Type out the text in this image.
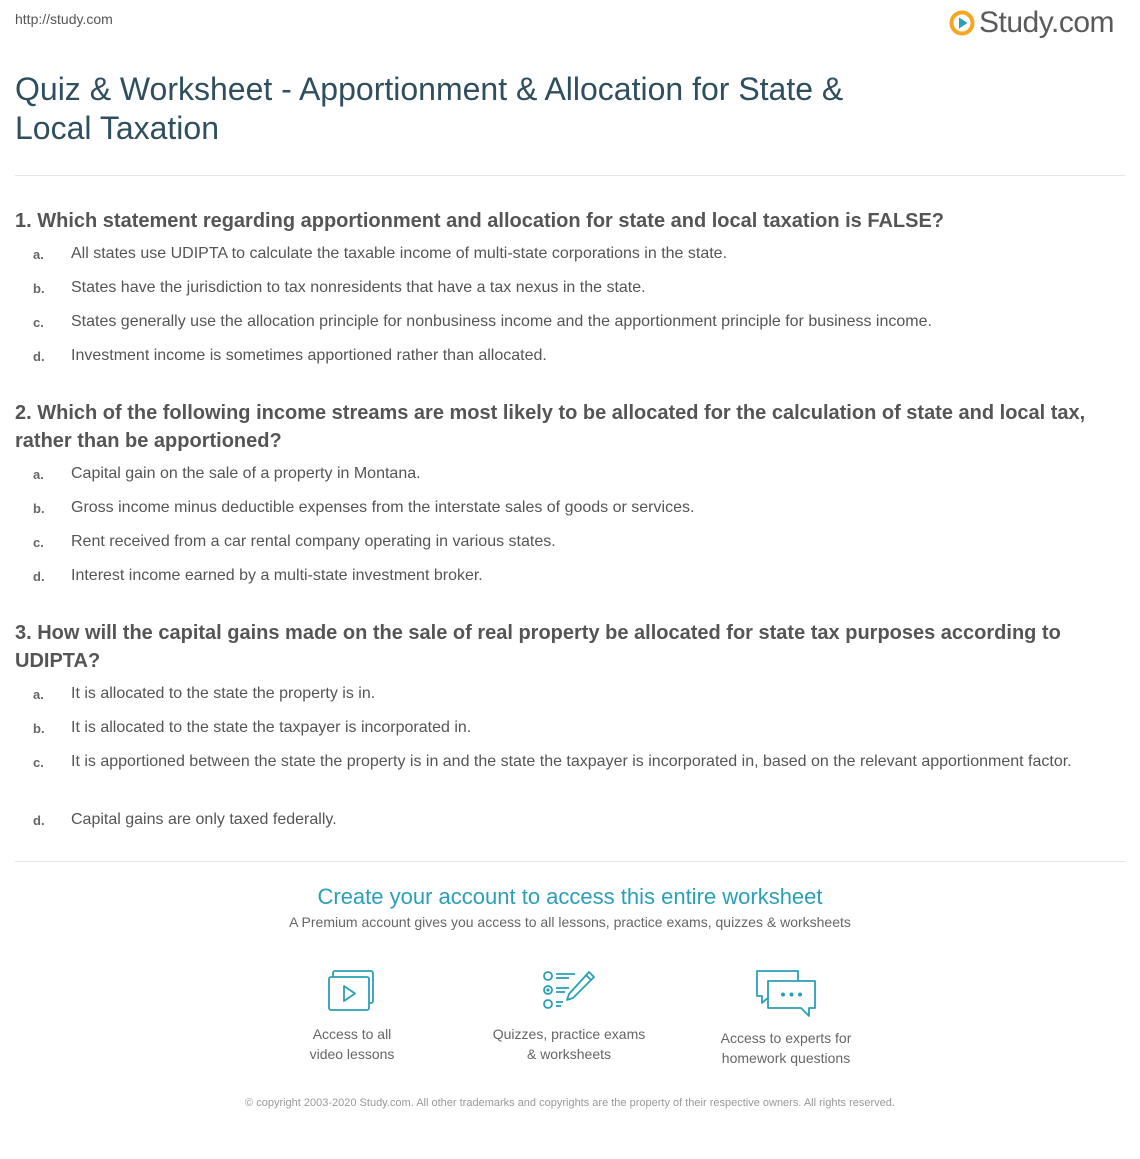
http://study.com	Study.com
Quiz & Worksheet - Apportionment & Allocation for State & Local Taxation
1. Which statement regarding apportionment and allocation for state and local taxation is FALSE?
a. All states use UDIPTA to calculate the taxable income of multi-state corporations in the state.
b. States have the jurisdiction to tax nonresidents that have a tax nexus in the state.
c. States generally use the allocation principle for nonbusiness income and the apportionment principle for business income.
d. Investment income is sometimes apportioned rather than allocated.
2. Which of the following income streams are most likely to be allocated for the calculation of state and local tax, rather than be apportioned?
a. Capital gain on the sale of a property in Montana.
b. Gross income minus deductible expenses from the interstate sales of goods or services.
c. Rent received from a car rental company operating in various states.
d. Interest income earned by a multi-state investment broker.
3. How will the capital gains made on the sale of real property be allocated for state tax purposes according to UDIPTA?
a. It is allocated to the state the property is in.
b. It is allocated to the state the taxpayer is incorporated in.
c. It is apportioned between the state the property is in and the state the taxpayer is incorporated in, based on the relevant apportionment factor.
d. Capital gains are only taxed federally.
Create your account to access this entire worksheet
A Premium account gives you access to all lessons, practice exams, quizzes & worksheets
Access to all
video lessons
Quizzes, practice exams
& worksheets
Access to experts for
homework questions
© copyright 2003-2020 Study.com. All other trademarks and copyrights are the property of their respective owners. All rights reserved.
